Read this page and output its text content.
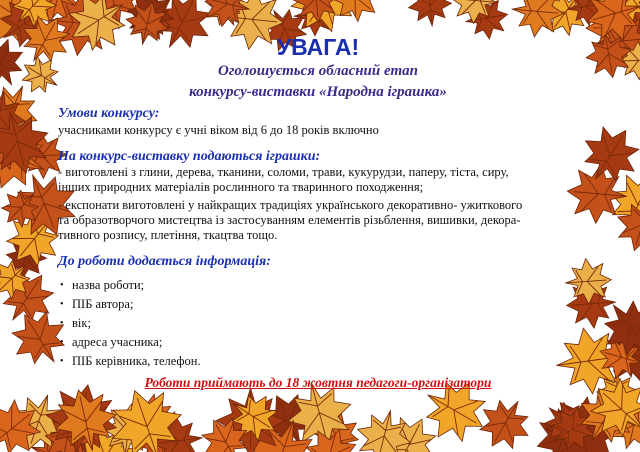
УВАГА!
Оголошується обласний етап
конкурсу-виставки «Народна іграшка»
Умови конкурсу:
учасниками конкурсу є учні віком від 6 до 18 років включно
На конкурс-виставку подаються іграшки:
- виготовлені з глини, дерева, тканини, соломи, трави, кукурудзи, паперу, тіста, сиру,
інших природних матеріалів рослинного та тваринного походження;
- експонати виготовлені у найкращих традиціях українського декоративно- ужиткового
та образотворчого мистецтва із застосуванням елементів різьблення, вишивки, декора-
тивного розпису, плетіння, ткацтва тощо.
До роботи додається інформація:
• назва роботи;
• ПІБ автора;
• вік;
• адреса учасника;
• ПІБ керівника, телефон.
Роботи приймають до 18 жовтня педагоги-організатори
